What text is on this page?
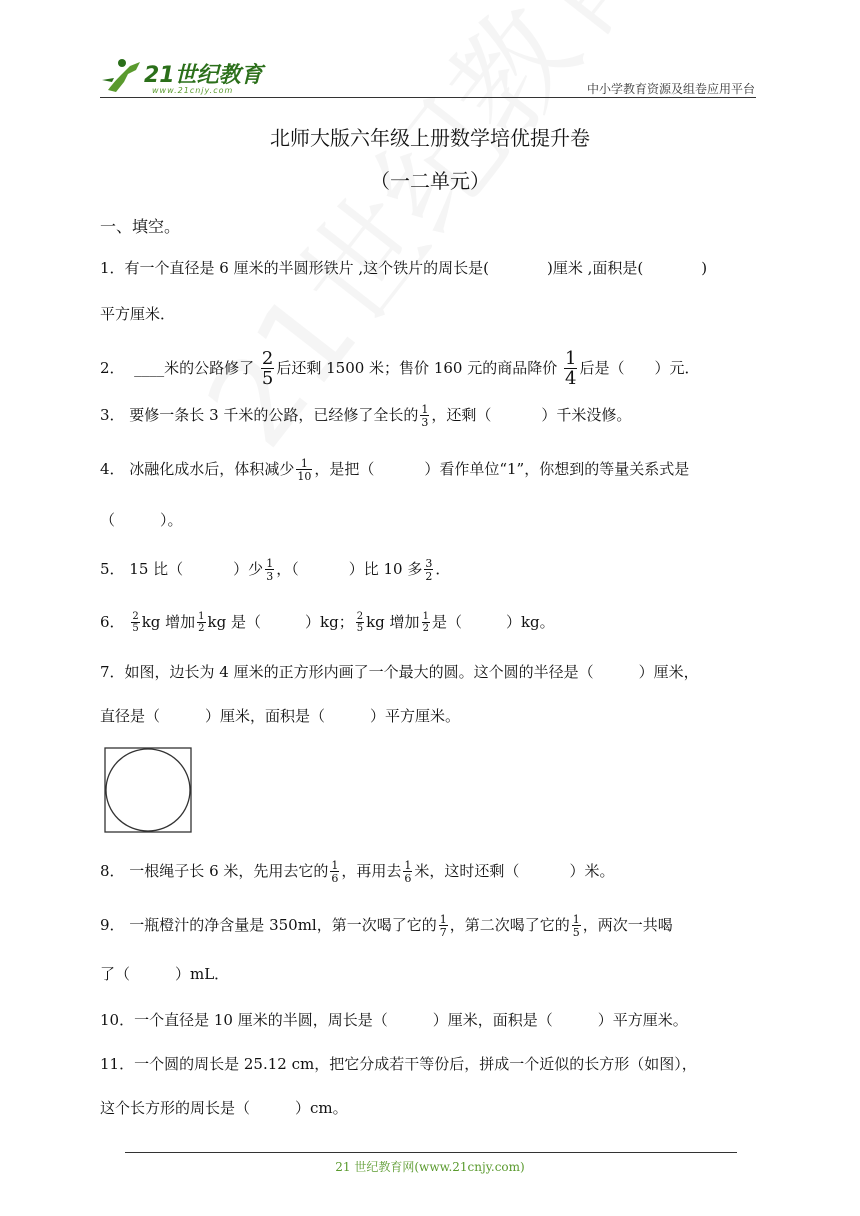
21世纪教育
www.21cnjy.com	中小学教育资源及组卷应用平台
北师大版六年级上册数学培优提升卷
（一二单元）
一、填空。
1．有一个直径是 6 厘米的半圆形铁片 ,这个铁片的周长是(	)厘米 ,面积是(	)
平方厘米．
2． ____米的公路修了 $\frac{2}{5}$ 后还剩 1500 米；售价 160 元的商品降价 $\frac{1}{4}$ 后是（ ）元．
3． 要修一条长 3 千米的公路，已经修了全长的 $\frac{1}{3}$ ，还剩（	）千米没修。
4． 冰融化成水后，体积减少 $\frac{1}{10}$ ，是把（	）看作单位“1”，你想到的等量关系式是
（　　　）。
5． 15 比（	）少 $\frac{1}{3}$ ，（	）比 10 多 $\frac{3}{2}$ ．
6． $\frac{2}{5}$ kg 增加 $\frac{1}{2}$ kg 是（	）kg； $\frac{2}{5}$ kg 增加 $\frac{1}{2}$ 是（	）kg。
7．如图，边长为 4 厘米的正方形内画了一个最大的圆。这个圆的半径是（　　　）厘米，
直径是（　　　）厘米，面积是（　　　）平方厘米。
8． 一根绳子长 6 米，先用去它的 $\frac{1}{6}$ ，再用去 $\frac{1}{6}$ 米，这时还剩（	）米。
9． 一瓶橙汁的净含量是 350ml，第一次喝了它的 $\frac{1}{7}$ ，第二次喝了它的 $\frac{1}{5}$ ，两次一共喝
了（　　　）mL．
10．一个直径是 10 厘米的半圆，周长是（　　　）厘米，面积是（　　　）平方厘米。
11．一个圆的周长是 25.12 cm，把它分成若干等份后，拼成一个近似的长方形（如图），
这个长方形的周长是（　　　）cm。
21 世纪教育网(www.21cnjy.com)
